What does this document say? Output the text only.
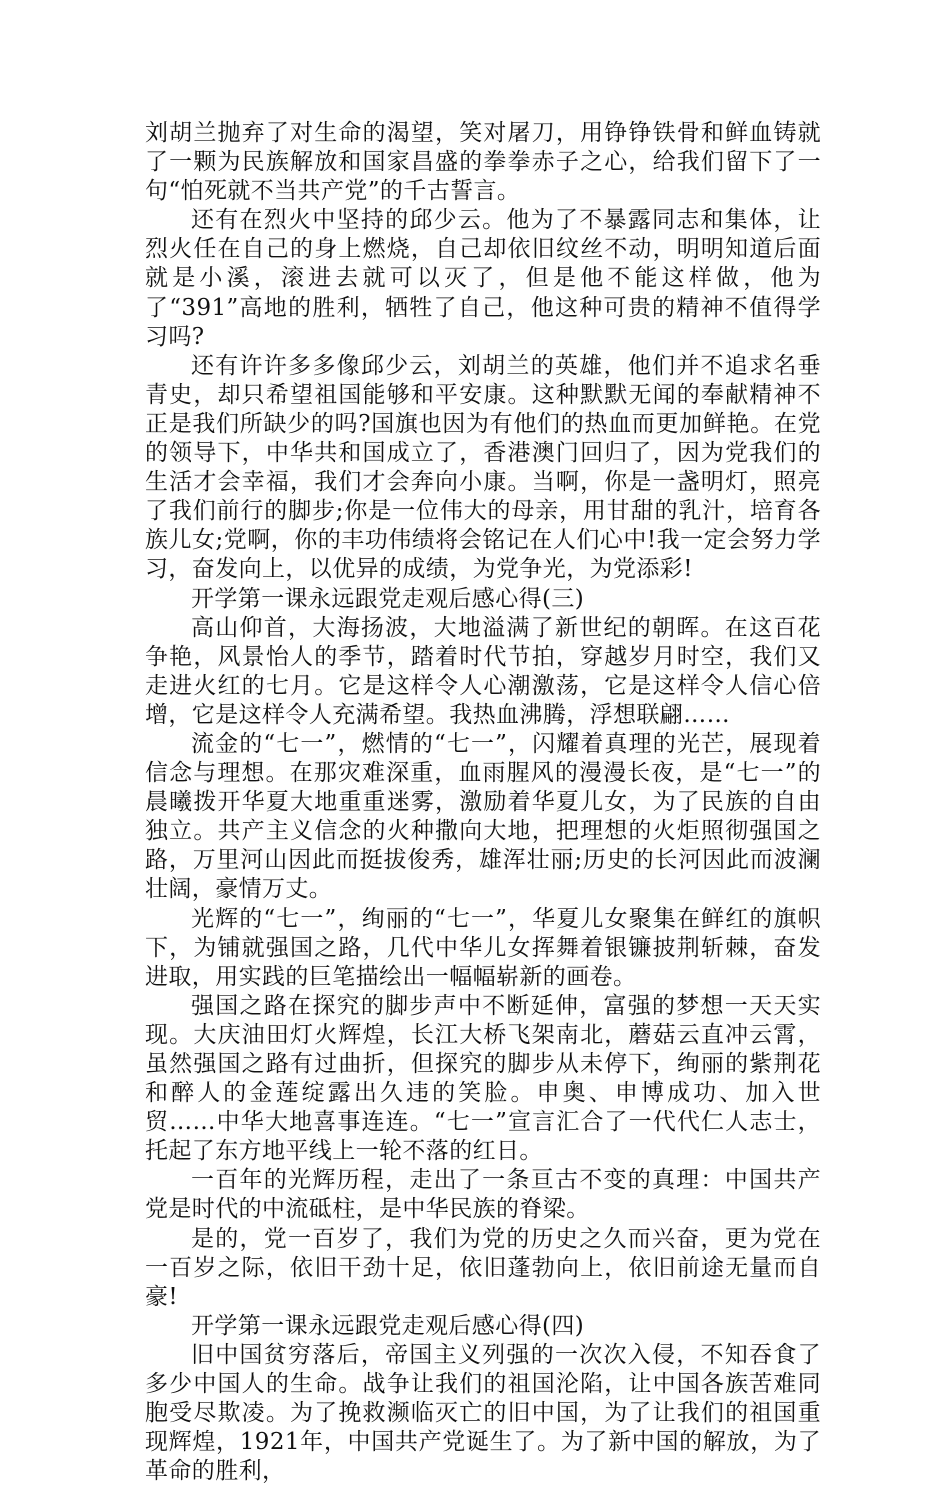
刘胡兰抛弃了对生命的渴望，笑对屠刀，用铮铮铁骨和鲜血铸就了一颗为民族解放和国家昌盛的拳拳赤子之心，给我们留下了一句“怕死就不当共产党”的千古誓言。

还有在烈火中坚持的邱少云。他为了不暴露同志和集体，让烈火任在自己的身上燃烧，自己却依旧纹丝不动，明明知道后面就是小溪，滚进去就可以灭了，但是他不能这样做，他为了“391”高地的胜利，牺牲了自己，他这种可贵的精神不值得学习吗?

还有许许多多像邱少云，刘胡兰的英雄，他们并不追求名垂青史，却只希望祖国能够和平安康。这种默默无闻的奉献精神不正是我们所缺少的吗?国旗也因为有他们的热血而更加鲜艳。在党的领导下，中华共和国成立了，香港澳门回归了，因为党我们的生活才会幸福，我们才会奔向小康。当啊，你是一盏明灯，照亮了我们前行的脚步;你是一位伟大的母亲，用甘甜的乳汁，培育各族儿女;党啊，你的丰功伟绩将会铭记在人们心中!我一定会努力学习，奋发向上，以优异的成绩，为党争光，为党添彩!

开学第一课永远跟党走观后感心得(三)

高山仰首，大海扬波，大地溢满了新世纪的朝晖。在这百花争艳，风景怡人的季节，踏着时代节拍，穿越岁月时空，我们又走进火红的七月。它是这样令人心潮激荡，它是这样令人信心倍增，它是这样令人充满希望。我热血沸腾，浮想联翩……

流金的“七一”，燃情的“七一”，闪耀着真理的光芒，展现着信念与理想。在那灾难深重，血雨腥风的漫漫长夜，是“七一”的晨曦拨开华夏大地重重迷雾，激励着华夏儿女，为了民族的自由独立。共产主义信念的火种撒向大地，把理想的火炬照彻强国之路，万里河山因此而挺拔俊秀，雄浑壮丽;历史的长河因此而波澜壮阔，豪情万丈。

光辉的“七一”，绚丽的“七一”，华夏儿女聚集在鲜红的旗帜下，为铺就强国之路，几代中华儿女挥舞着银镰披荆斩棘，奋发进取，用实践的巨笔描绘出一幅幅崭新的画卷。

强国之路在探究的脚步声中不断延伸，富强的梦想一天天实现。大庆油田灯火辉煌，长江大桥飞架南北，蘑菇云直冲云霄，虽然强国之路有过曲折，但探究的脚步从未停下，绚丽的紫荆花和醉人的金莲绽露出久违的笑脸。申奥、申博成功、加入世贸……中华大地喜事连连。“七一”宣言汇合了一代代仁人志士，托起了东方地平线上一轮不落的红日。

一百年的光辉历程，走出了一条亘古不变的真理：中国共产党是时代的中流砥柱，是中华民族的脊梁。

是的，党一百岁了，我们为党的历史之久而兴奋，更为党在一百岁之际，依旧干劲十足，依旧蓬勃向上，依旧前途无量而自豪!

开学第一课永远跟党走观后感心得(四)

旧中国贫穷落后，帝国主义列强的一次次入侵，不知吞食了多少中国人的生命。战争让我们的祖国沦陷，让中国各族苦难同胞受尽欺凌。为了挽救濒临灭亡的旧中国，为了让我们的祖国重现辉煌，1921年，中国共产党诞生了。为了新中国的解放，为了革命的胜利，
